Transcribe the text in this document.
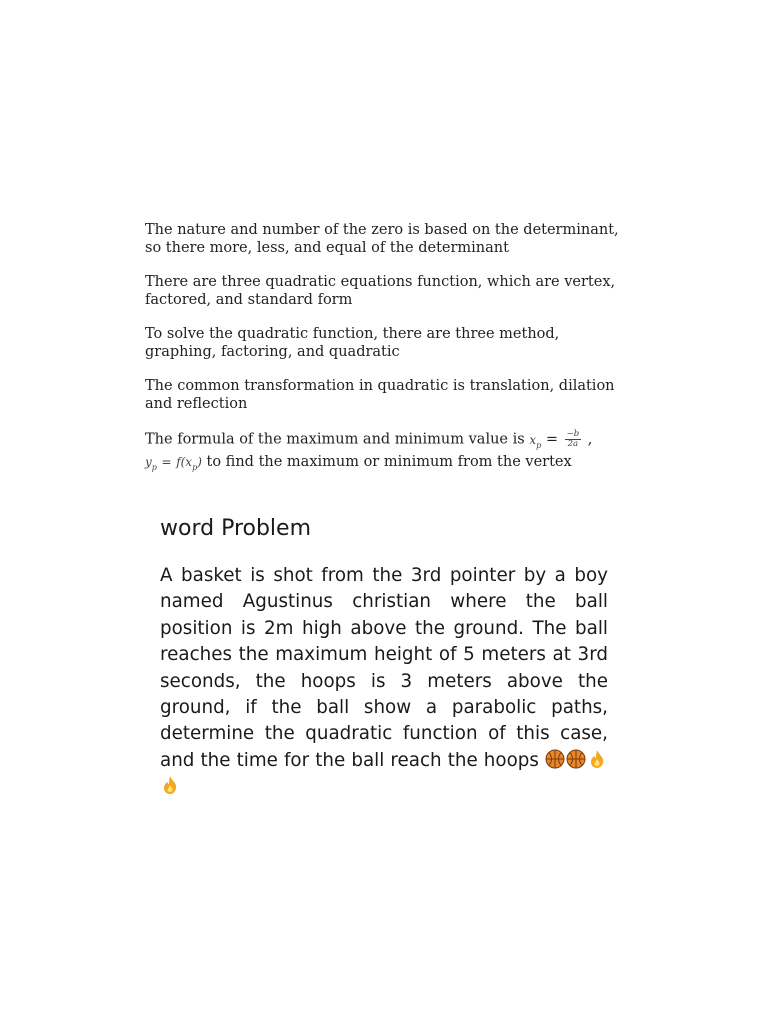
The nature and number of the zero is based on the determinant, so there more, less, and equal of the determinant

There are three quadratic equations function, which are vertex, factored, and standard form

To solve the quadratic function, there are three method, graphing, factoring, and quadratic

The common transformation in quadratic is translation, dilation and reflection

The formula of the maximum and minimum value is $x_p = \frac{-b}{2a}$ ,
$y_p = f(x_p)$ to find the maximum or minimum from the vertex

word Problem

A basket is shot from the 3rd pointer by a boy named Agustinus christian where the ball position is 2m high above the ground. The ball reaches the maximum height of 5 meters at 3rd seconds, the hoops is 3 meters above the ground, if the ball show a parabolic paths, determine the quadratic function of this case, and the time for the ball reach the hoops
